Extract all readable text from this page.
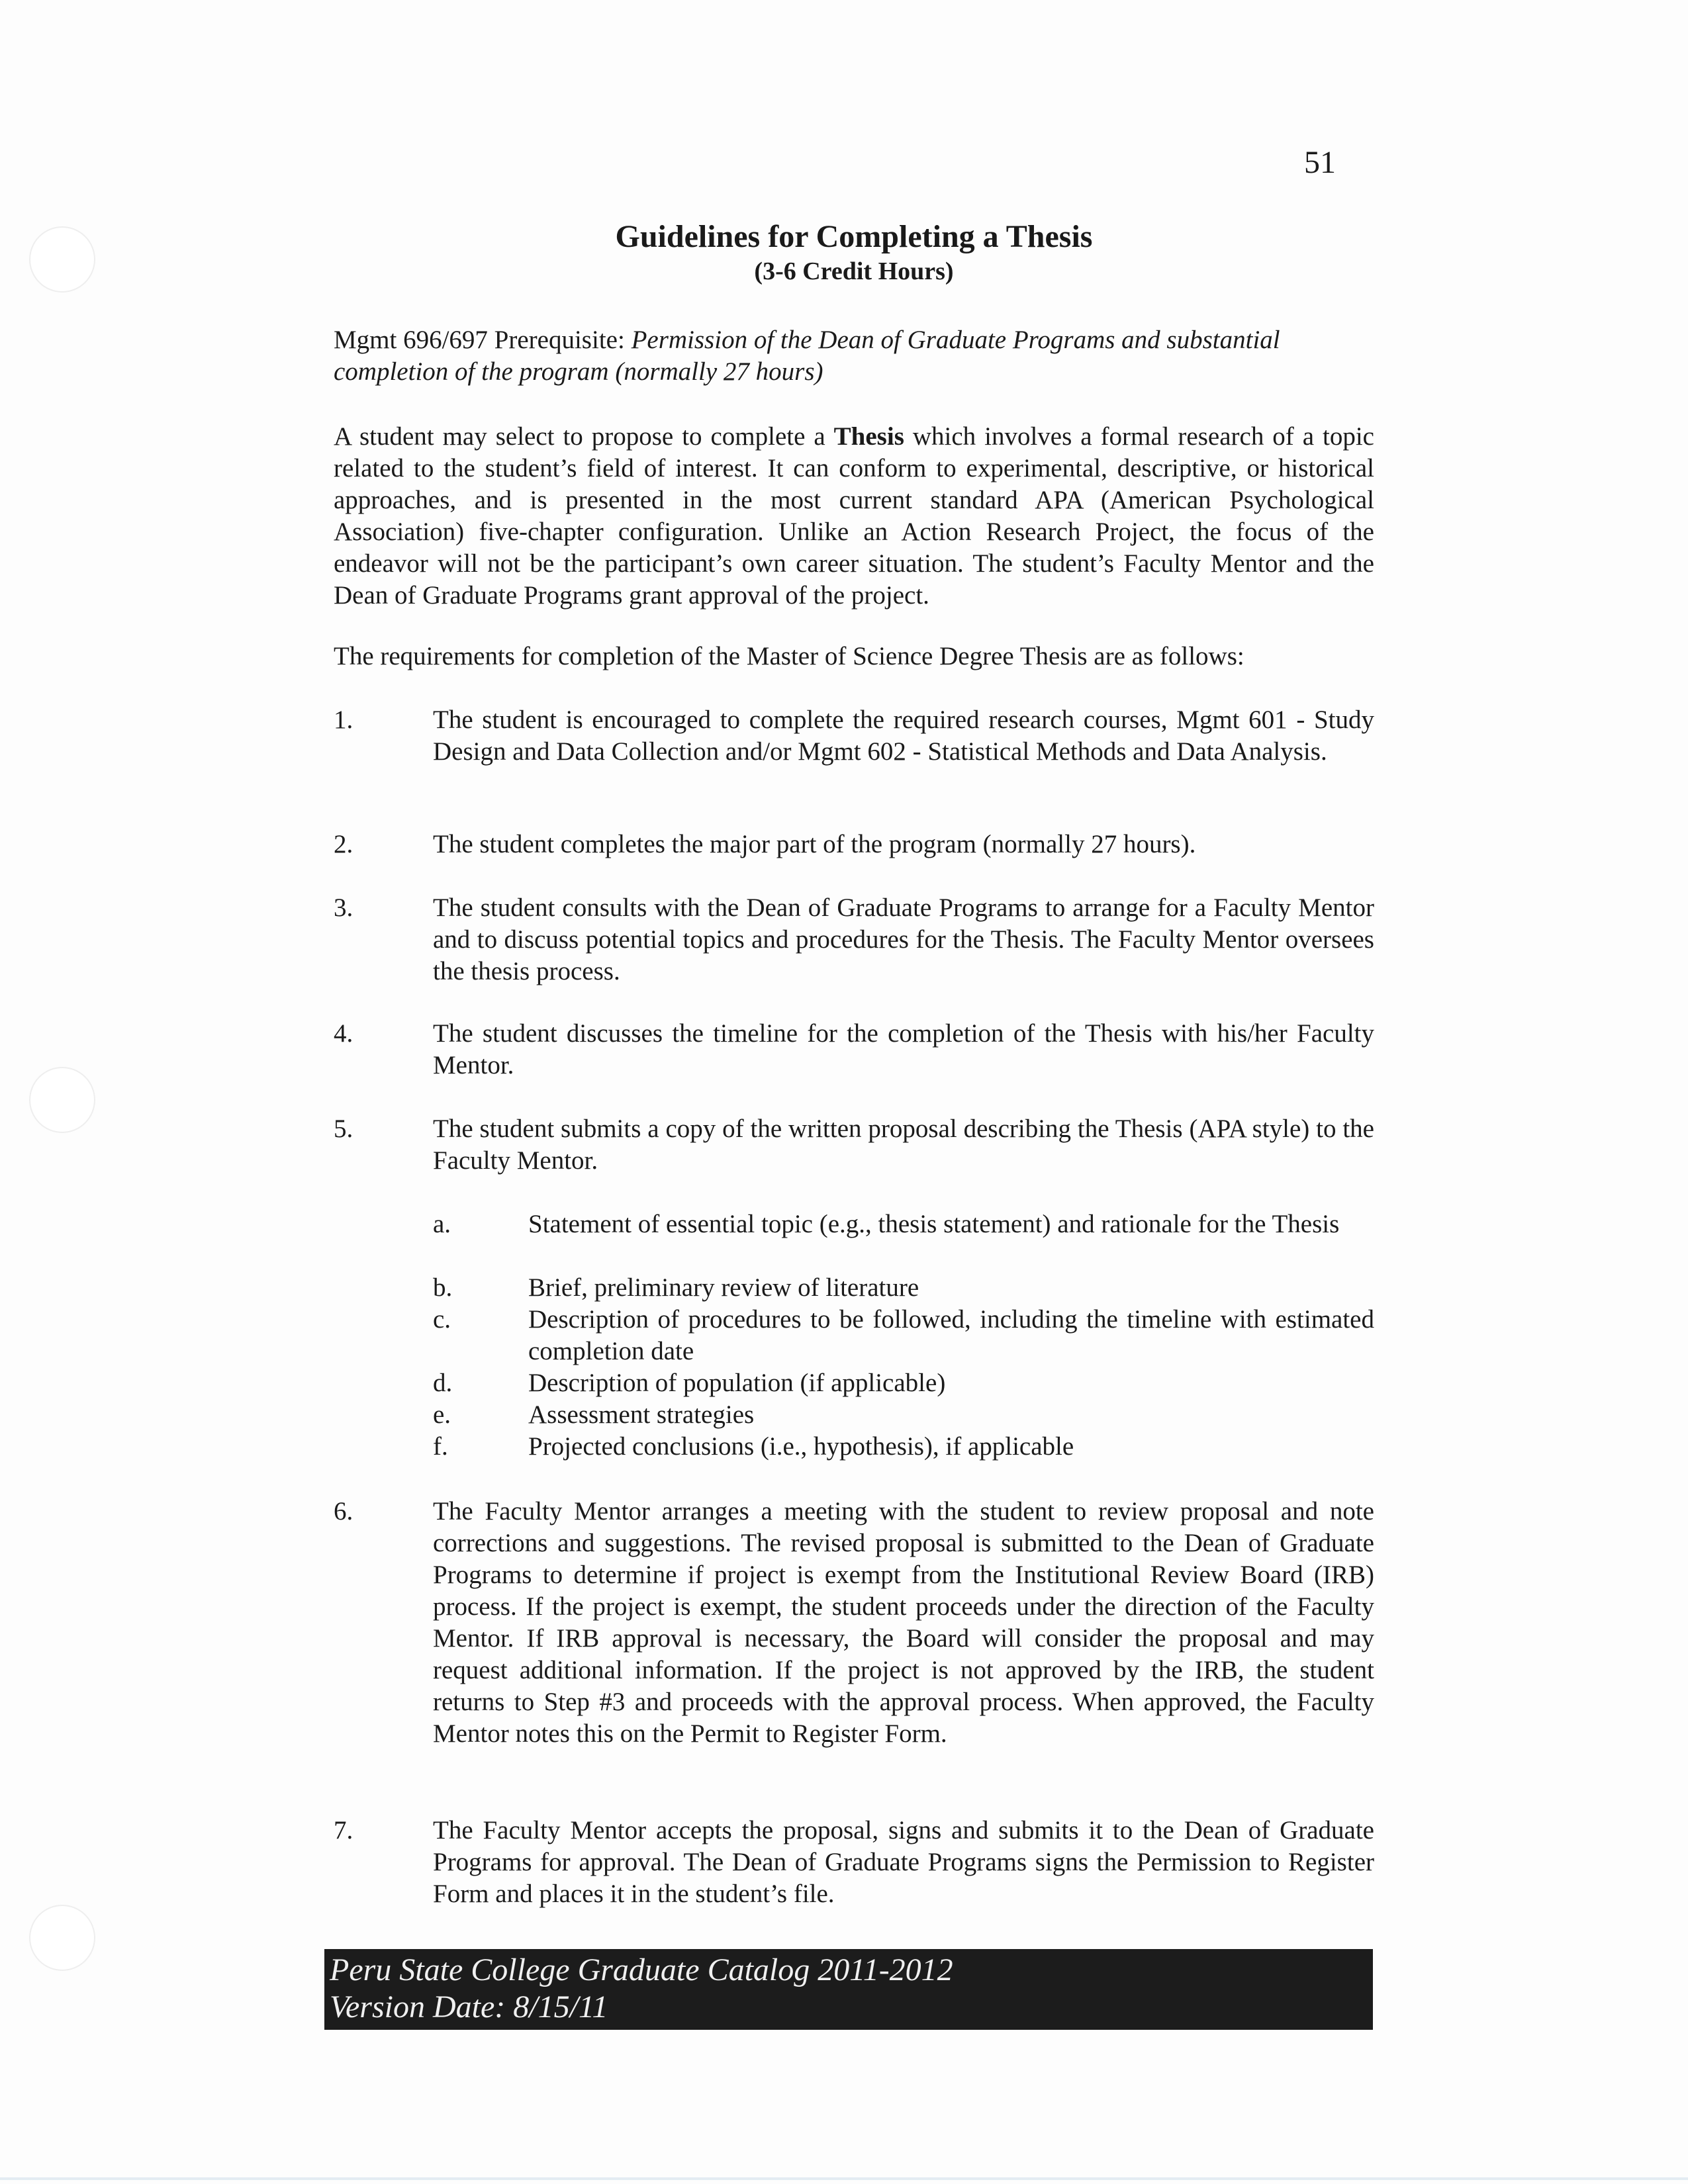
51
Guidelines for Completing a Thesis
(3-6 Credit Hours)

Mgmt 696/697 Prerequisite: Permission of the Dean of Graduate Programs and substantial completion of the program (normally 27 hours)

A student may select to propose to complete a Thesis which involves a formal research of a topic related to the student’s field of interest. It can conform to experimental, descriptive, or historical approaches, and is presented in the most current standard APA (American Psychological Association) five-chapter configuration. Unlike an Action Research Project, the focus of the endeavor will not be the participant’s own career situation. The student’s Faculty Mentor and the Dean of Graduate Programs grant approval of the project.

The requirements for completion of the Master of Science Degree Thesis are as follows:

1.	The student is encouraged to complete the required research courses, Mgmt 601 - Study Design and Data Collection and/or Mgmt 602 - Statistical Methods and Data Analysis.

2.	The student completes the major part of the program (normally 27 hours).

3.	The student consults with the Dean of Graduate Programs to arrange for a Faculty Mentor and to discuss potential topics and procedures for the Thesis. The Faculty Mentor oversees the thesis process.

4.	The student discusses the timeline for the completion of the Thesis with his/her Faculty Mentor.

5.	The student submits a copy of the written proposal describing the Thesis (APA style) to the Faculty Mentor.

a.	Statement of essential topic (e.g., thesis statement) and rationale for the Thesis

b.	Brief, preliminary review of literature

c.	Description of procedures to be followed, including the timeline with estimated completion date

d.	Description of population (if applicable)

e.	Assessment strategies

f.	Projected conclusions (i.e., hypothesis), if applicable

6.	The Faculty Mentor arranges a meeting with the student to review proposal and note corrections and suggestions. The revised proposal is submitted to the Dean of Graduate Programs to determine if project is exempt from the Institutional Review Board (IRB) process. If the project is exempt, the student proceeds under the direction of the Faculty Mentor. If IRB approval is necessary, the Board will consider the proposal and may request additional information. If the project is not approved by the IRB, the student returns to Step #3 and proceeds with the approval process. When approved, the Faculty Mentor notes this on the Permit to Register Form.

7.	The Faculty Mentor accepts the proposal, signs and submits it to the Dean of Graduate Programs for approval. The Dean of Graduate Programs signs the Permission to Register Form and places it in the student’s file.

Peru State College Graduate Catalog 2011-2012
Version Date: 8/15/11
